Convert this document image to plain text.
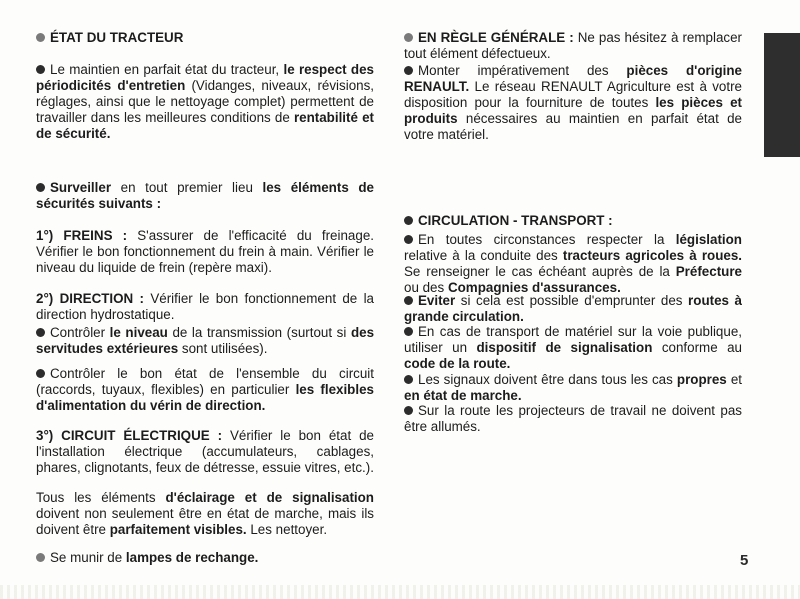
ÉTAT DU TRACTEUR

Le maintien en parfait état du tracteur, le respect des périodicités d'entretien (Vidanges, niveaux, révisions, réglages, ainsi que le nettoyage complet) permettent de travailler dans les meilleures conditions de rentabilité et de sécurité.

Surveiller en tout premier lieu les éléments de sécurités suivants :

1°) FREINS : S'assurer de l'efficacité du freinage. Vérifier le bon fonctionnement du frein à main. Vérifier le niveau du liquide de frein (repère maxi).

2°) DIRECTION : Vérifier le bon fonctionnement de la direction hydrostatique.

Contrôler le niveau de la transmission (surtout si des servitudes extérieures sont utilisées).

Contrôler le bon état de l'ensemble du circuit (raccords, tuyaux, flexibles) en particulier les flexibles d'alimentation du vérin de direction.

3°) CIRCUIT ÉLECTRIQUE : Vérifier le bon état de l'installation électrique (accumulateurs, cablages, phares, clignotants, feux de détresse, essuie vitres, etc.).

Tous les éléments d'éclairage et de signalisation doivent non seulement être en état de marche, mais ils doivent être parfaitement visibles. Les nettoyer.

Se munir de lampes de rechange.

EN RÈGLE GÉNÉRALE : Ne pas hésitez à remplacer tout élément défectueux.

Monter impérativement des pièces d'origine RENAULT. Le réseau RENAULT Agriculture est à votre disposition pour la fourniture de toutes les pièces et produits nécessaires au maintien en parfait état de votre matériel.

CIRCULATION - TRANSPORT :

En toutes circonstances respecter la législation relative à la conduite des tracteurs agricoles à roues. Se renseigner le cas échéant auprès de la Préfecture ou des Compagnies d'assurances.

Eviter si cela est possible d'emprunter des routes à grande circulation.

En cas de transport de matériel sur la voie publique, utiliser un dispositif de signalisation conforme au code de la route.

Les signaux doivent être dans tous les cas propres et en état de marche.

Sur la route les projecteurs de travail ne doivent pas être allumés.

5
